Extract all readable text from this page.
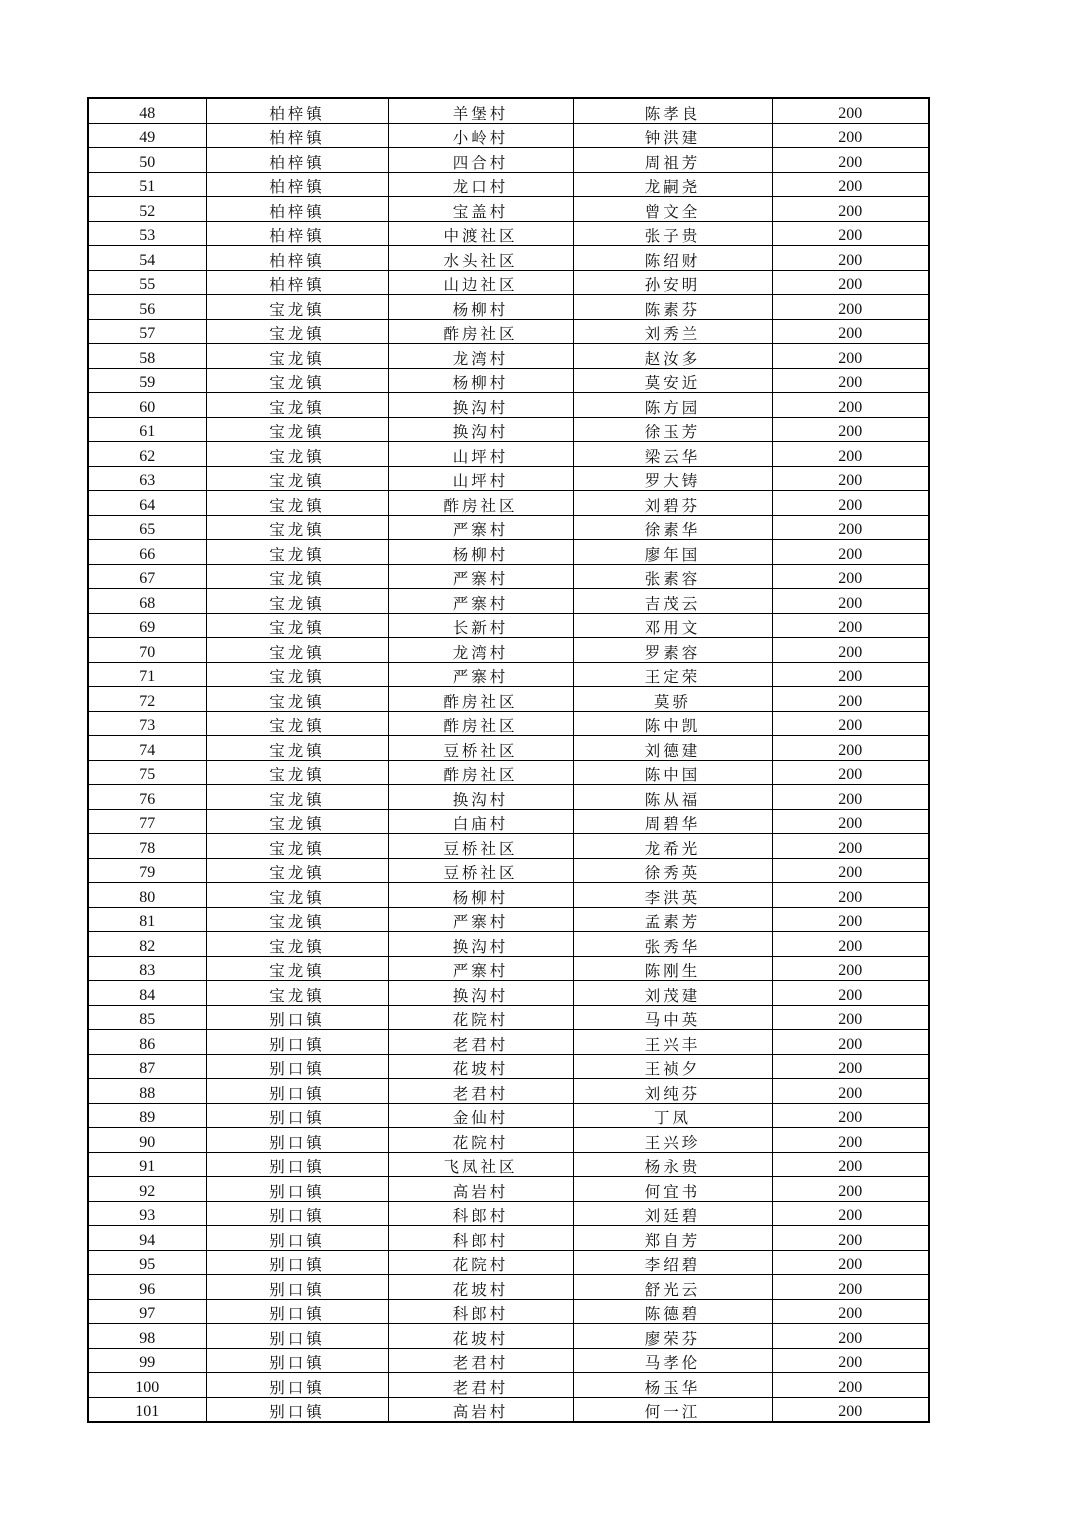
48	柏梓镇	羊堡村	陈孝良	200
49	柏梓镇	小岭村	钟洪建	200
50	柏梓镇	四合村	周祖芳	200
51	柏梓镇	龙口村	龙嗣尧	200
52	柏梓镇	宝盖村	曾文全	200
53	柏梓镇	中渡社区	张子贵	200
54	柏梓镇	水头社区	陈绍财	200
55	柏梓镇	山边社区	孙安明	200
56	宝龙镇	杨柳村	陈素芬	200
57	宝龙镇	酢房社区	刘秀兰	200
58	宝龙镇	龙湾村	赵汝多	200
59	宝龙镇	杨柳村	莫安近	200
60	宝龙镇	换沟村	陈方园	200
61	宝龙镇	换沟村	徐玉芳	200
62	宝龙镇	山坪村	梁云华	200
63	宝龙镇	山坪村	罗大铸	200
64	宝龙镇	酢房社区	刘碧芬	200
65	宝龙镇	严寨村	徐素华	200
66	宝龙镇	杨柳村	廖年国	200
67	宝龙镇	严寨村	张素容	200
68	宝龙镇	严寨村	吉茂云	200
69	宝龙镇	长新村	邓用文	200
70	宝龙镇	龙湾村	罗素容	200
71	宝龙镇	严寨村	王定荣	200
72	宝龙镇	酢房社区	莫骄	200
73	宝龙镇	酢房社区	陈中凯	200
74	宝龙镇	豆桥社区	刘德建	200
75	宝龙镇	酢房社区	陈中国	200
76	宝龙镇	换沟村	陈从福	200
77	宝龙镇	白庙村	周碧华	200
78	宝龙镇	豆桥社区	龙希光	200
79	宝龙镇	豆桥社区	徐秀英	200
80	宝龙镇	杨柳村	李洪英	200
81	宝龙镇	严寨村	孟素芳	200
82	宝龙镇	换沟村	张秀华	200
83	宝龙镇	严寨村	陈刚生	200
84	宝龙镇	换沟村	刘茂建	200
85	别口镇	花院村	马中英	200
86	别口镇	老君村	王兴丰	200
87	别口镇	花坡村	王祯夕	200
88	别口镇	老君村	刘纯芬	200
89	别口镇	金仙村	丁凤	200
90	别口镇	花院村	王兴珍	200
91	别口镇	飞凤社区	杨永贵	200
92	别口镇	高岩村	何宜书	200
93	别口镇	科郎村	刘廷碧	200
94	别口镇	科郎村	郑自芳	200
95	别口镇	花院村	李绍碧	200
96	别口镇	花坡村	舒光云	200
97	别口镇	科郎村	陈德碧	200
98	别口镇	花坡村	廖荣芬	200
99	别口镇	老君村	马孝伦	200
100	别口镇	老君村	杨玉华	200
101	别口镇	高岩村	何一江	200
